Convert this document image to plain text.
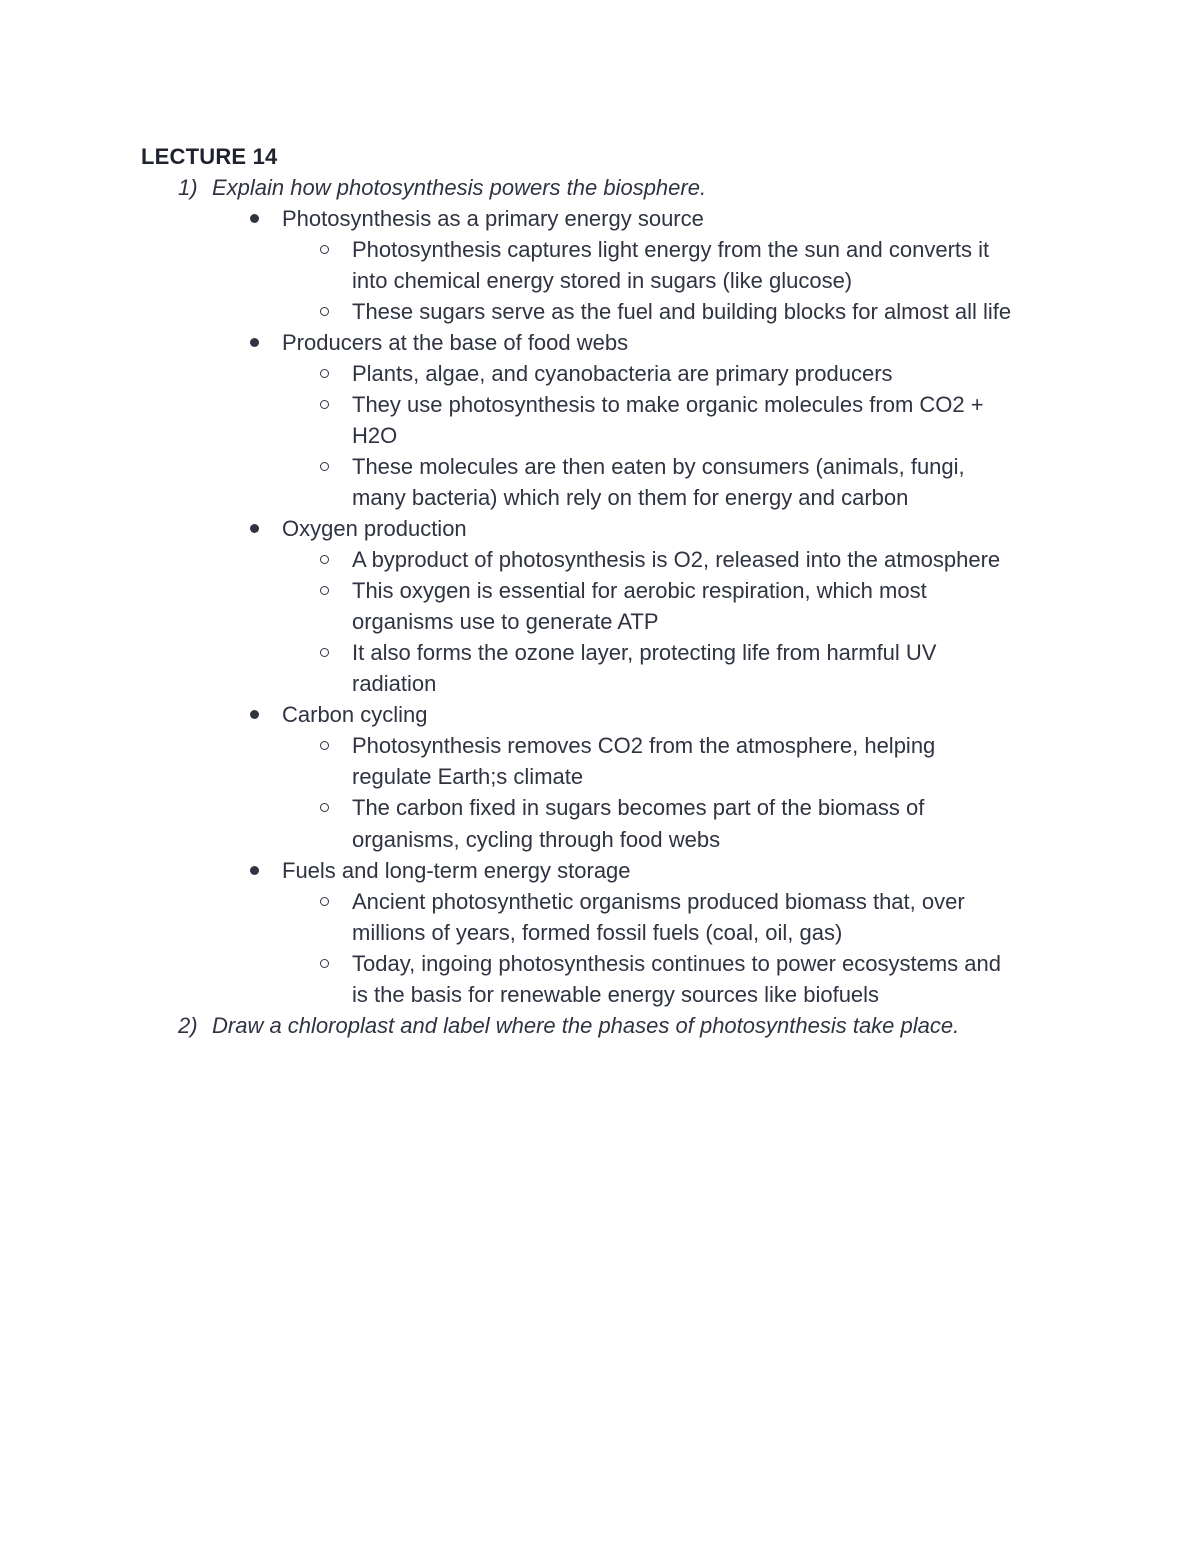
LECTURE 14
1) Explain how photosynthesis powers the biosphere.
Photosynthesis as a primary energy source
Photosynthesis captures light energy from the sun and converts it
into chemical energy stored in sugars (like glucose)
These sugars serve as the fuel and building blocks for almost all life
Producers at the base of food webs
Plants, algae, and cyanobacteria are primary producers
They use photosynthesis to make organic molecules from CO2 +
H2O
These molecules are then eaten by consumers (animals, fungi,
many bacteria) which rely on them for energy and carbon
Oxygen production
A byproduct of photosynthesis is O2, released into the atmosphere
This oxygen is essential for aerobic respiration, which most
organisms use to generate ATP
It also forms the ozone layer, protecting life from harmful UV
radiation
Carbon cycling
Photosynthesis removes CO2 from the atmosphere, helping
regulate Earth;s climate
The carbon fixed in sugars becomes part of the biomass of
organisms, cycling through food webs
Fuels and long-term energy storage
Ancient photosynthetic organisms produced biomass that, over
millions of years, formed fossil fuels (coal, oil, gas)
Today, ingoing photosynthesis continues to power ecosystems and
is the basis for renewable energy sources like biofuels
2) Draw a chloroplast and label where the phases of photosynthesis take place.
